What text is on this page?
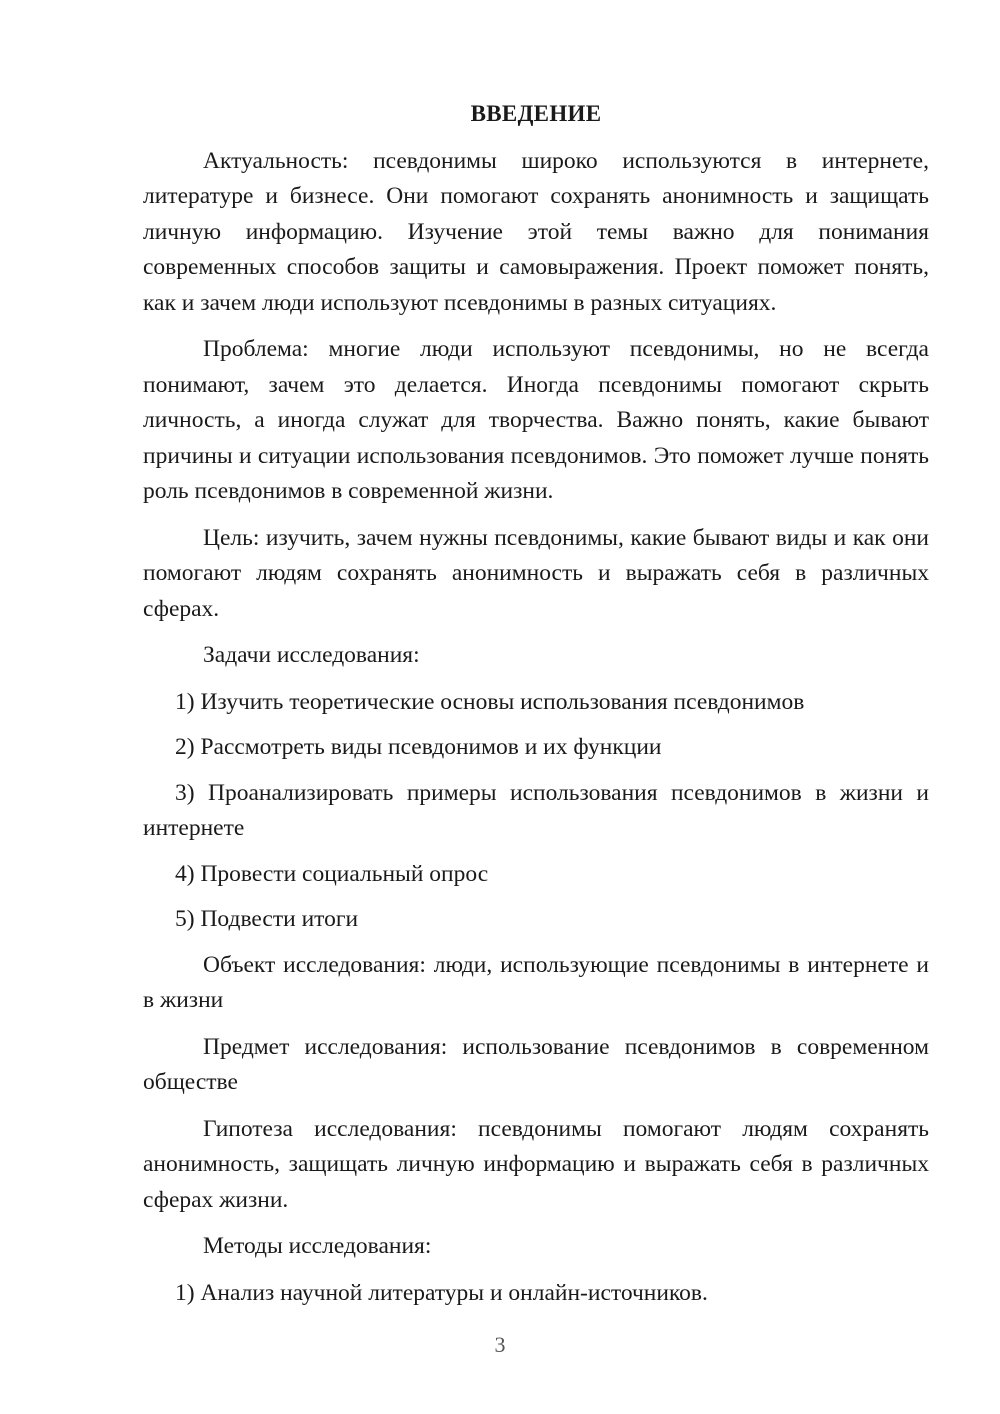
ВВЕДЕНИЕ

Актуальность: псевдонимы широко используются в интернете, литературе и бизнесе. Они помогают сохранять анонимность и защищать личную информацию. Изучение этой темы важно для понимания современных способов защиты и самовыражения. Проект поможет понять, как и зачем люди используют псевдонимы в разных ситуациях.

Проблема: многие люди используют псевдонимы, но не всегда понимают, зачем это делается. Иногда псевдонимы помогают скрыть личность, а иногда служат для творчества. Важно понять, какие бывают причины и ситуации использования псевдонимов. Это поможет лучше понять роль псевдонимов в современной жизни.

Цель: изучить, зачем нужны псевдонимы, какие бывают виды и как они помогают людям сохранять анонимность и выражать себя в различных сферах.

Задачи исследования:

1) Изучить теоретические основы использования псевдонимов

2) Рассмотреть виды псевдонимов и их функции

3) Проанализировать примеры использования псевдонимов в жизни и интернете

4) Провести социальный опрос

5) Подвести итоги

Объект исследования: люди, использующие псевдонимы в интернете и в жизни

Предмет исследования: использование псевдонимов в современном обществе

Гипотеза исследования: псевдонимы помогают людям сохранять анонимность, защищать личную информацию и выражать себя в различных сферах жизни.

Методы исследования:

1) Анализ научной литературы и онлайн-источников.

3
